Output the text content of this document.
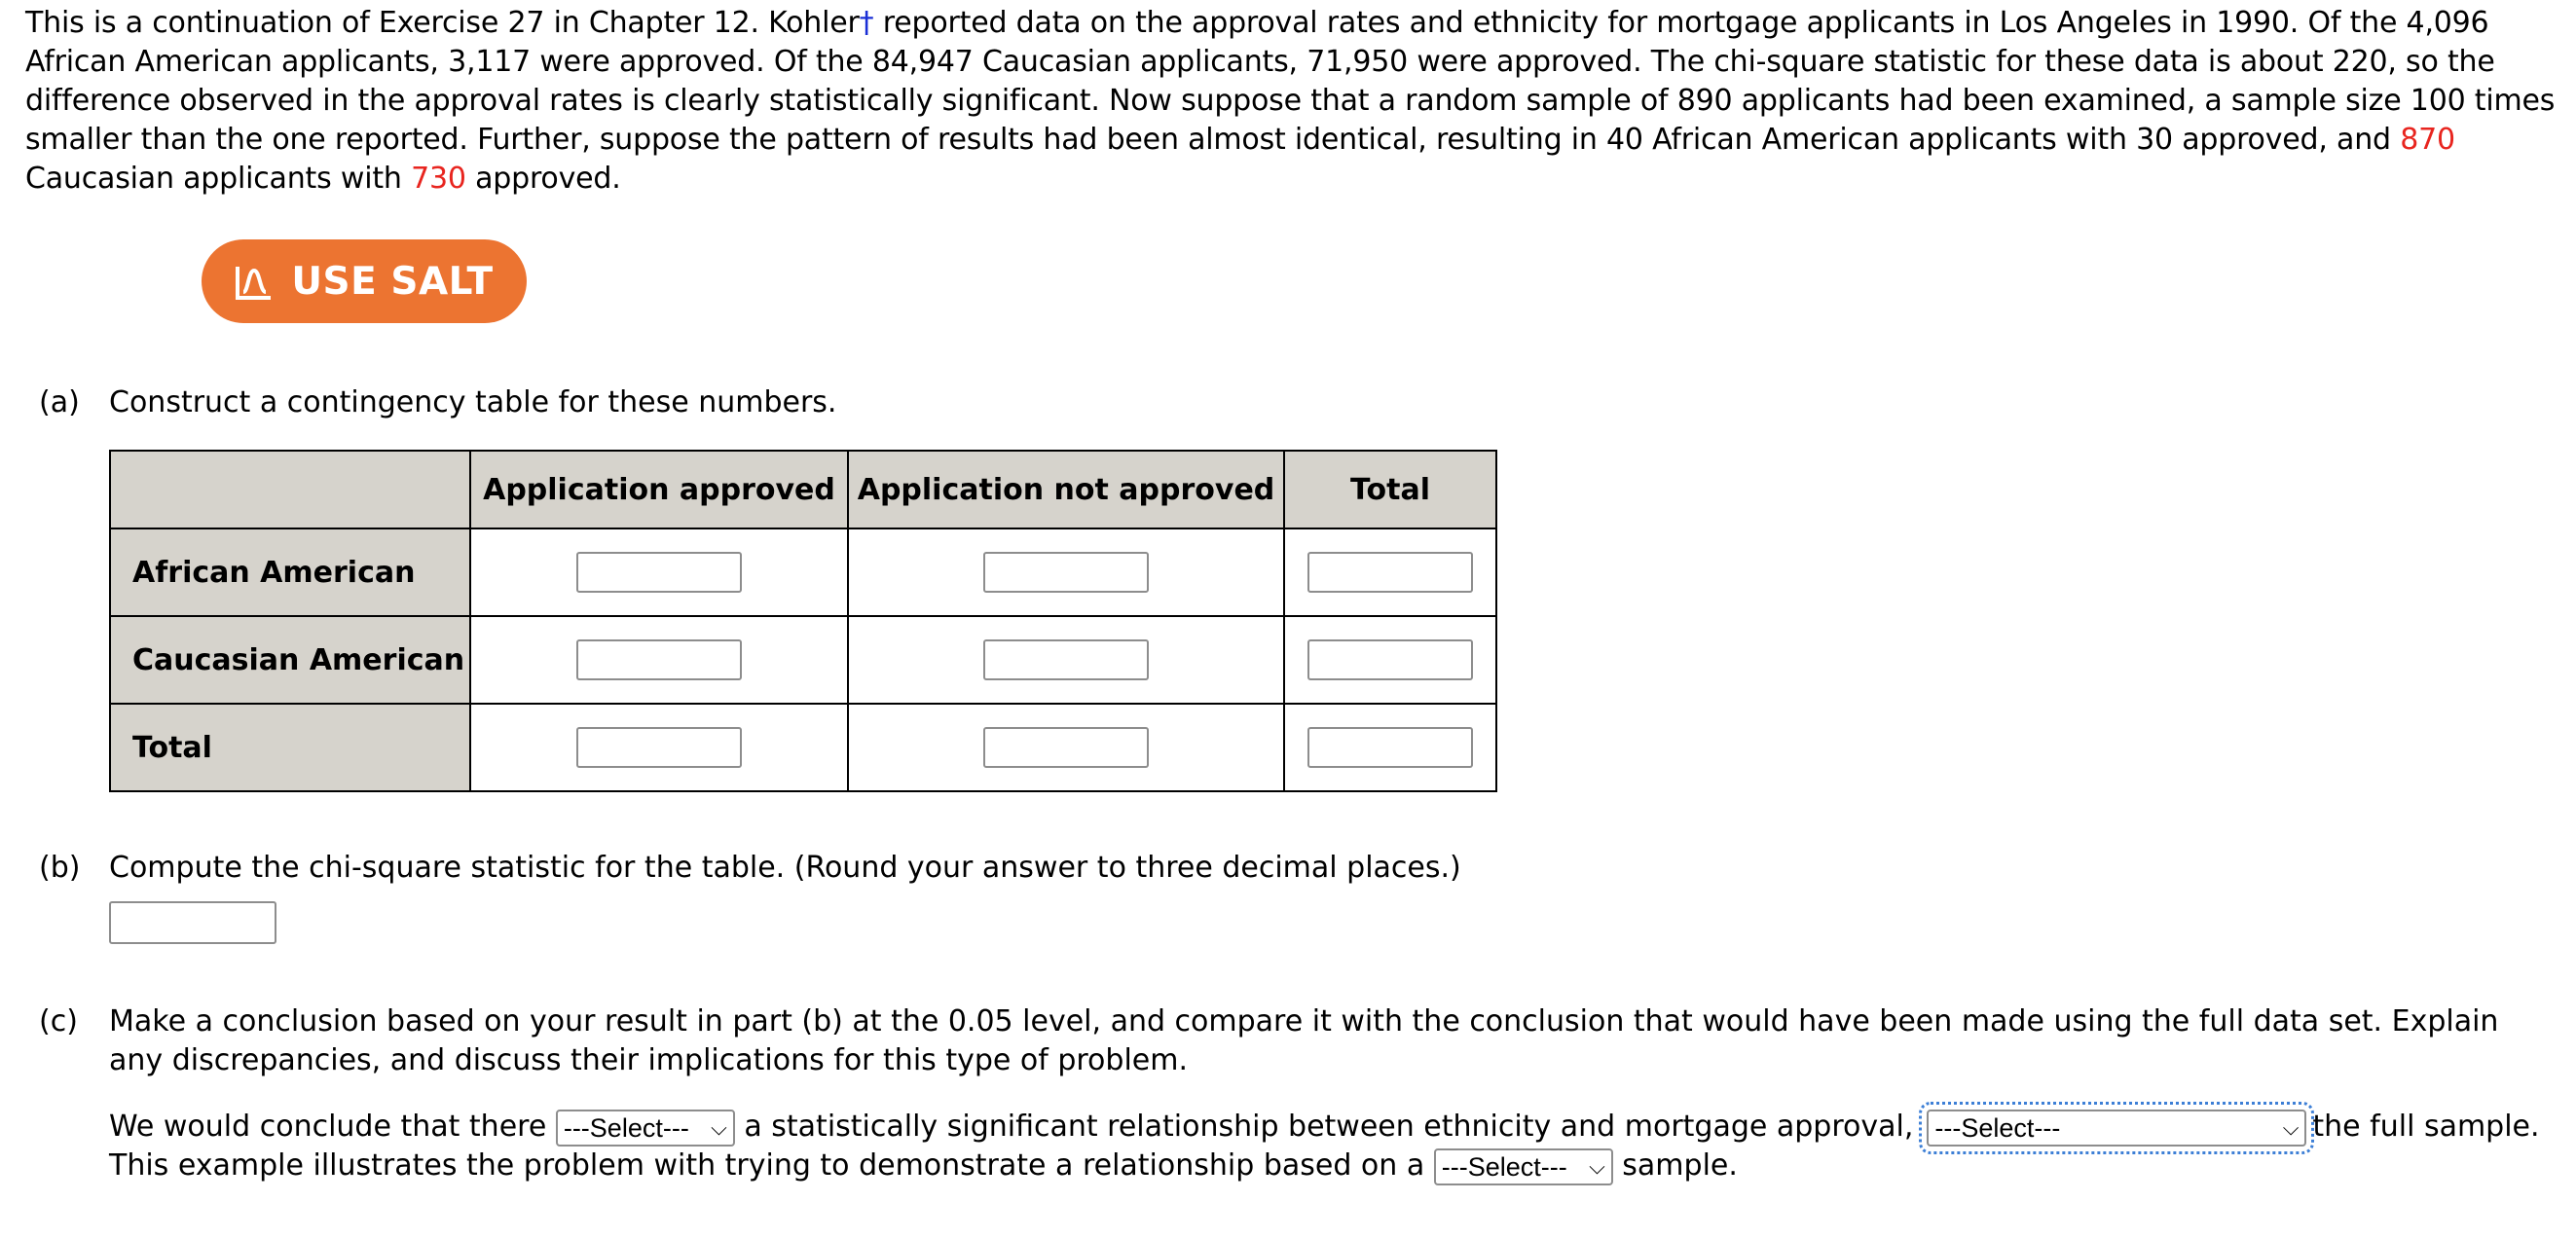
This is a continuation of Exercise 27 in Chapter 12. Kohler† reported data on the approval rates and ethnicity for mortgage applicants in Los Angeles in 1990. Of the 4,096 African American applicants, 3,117 were approved. Of the 84,947 Caucasian applicants, 71,950 were approved. The chi-square statistic for these data is about 220, so the difference observed in the approval rates is clearly statistically significant. Now suppose that a random sample of 890 applicants had been examined, a sample size 100 times smaller than the one reported. Further, suppose the pattern of results had been almost identical, resulting in 40 African American applicants with 30 approved, and 870 Caucasian applicants with 730 approved.
USE SALT
(a) Construct a contingency table for these numbers.
	Application approved	Application not approved	Total
African American			
Caucasian American			
Total			
(b) Compute the chi-square statistic for the table. (Round your answer to three decimal places.)
(c) Make a conclusion based on your result in part (b) at the 0.05 level, and compare it with the conclusion that would have been made using the full data set. Explain any discrepancies, and discuss their implications for this type of problem.
We would conclude that there ---Select--- ⌵ a statistically significant relationship between ethnicity and mortgage approval, ---Select---	⌵ the full sample. This example illustrates the problem with trying to demonstrate a relationship based on a ---Select--- ⌵ sample.
